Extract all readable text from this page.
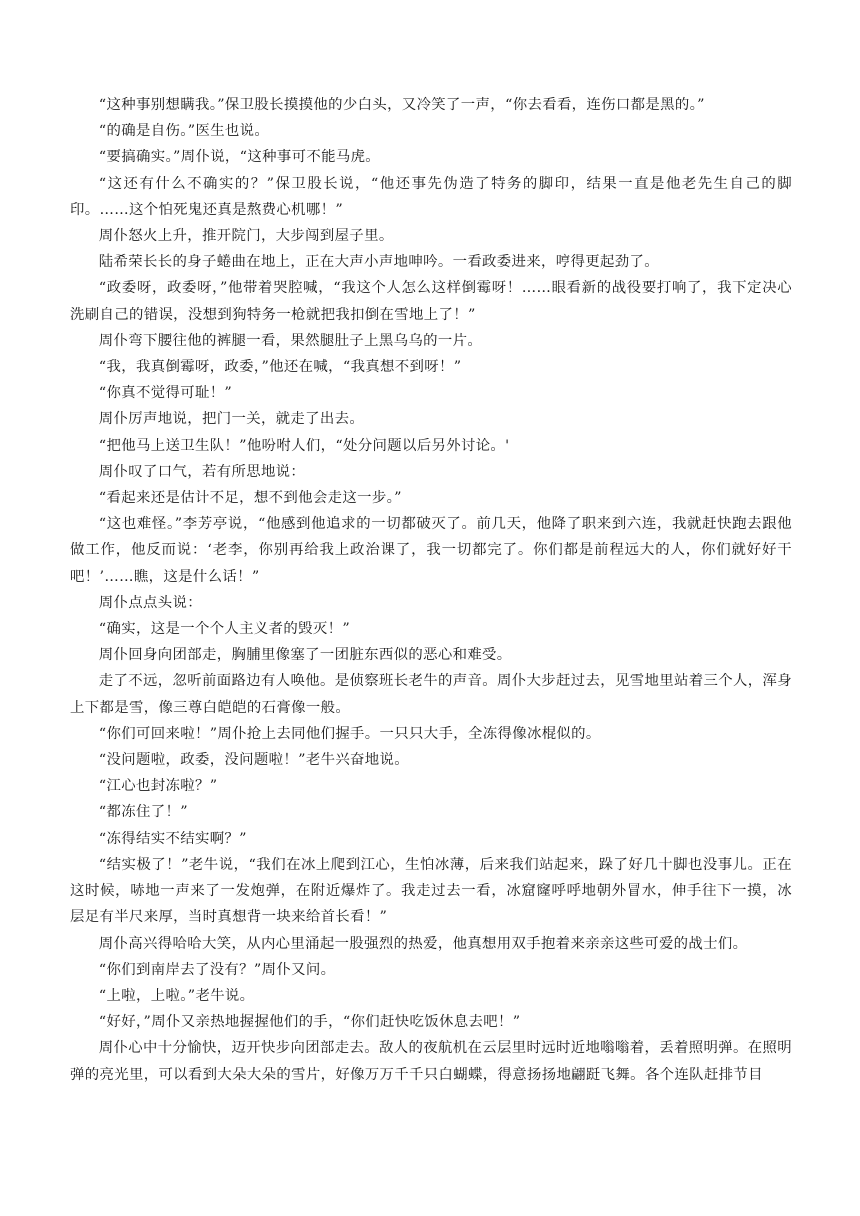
“这种事别想瞒我。”保卫股长摸摸他的少白头，又冷笑了一声，“你去看看，连伤口都是黑的。”

“的确是自伤。”医生也说。

“要搞确实。”周仆说，“这种事可不能马虎。

“这还有什么不确实的？”保卫股长说，“他还事先伪造了特务的脚印，结果一直是他老先生自己的脚印。……这个怕死鬼还真是熬费心机哪！”

周仆怒火上升，推开院门，大步闯到屋子里。

陆希荣长长的身子蜷曲在地上，正在大声小声地呻吟。一看政委进来，哼得更起劲了。

“政委呀，政委呀，”他带着哭腔喊，“我这个人怎么这样倒霉呀！……眼看新的战役要打响了，我下定决心洗刷自己的错误，没想到狗特务一枪就把我扣倒在雪地上了！”

周仆弯下腰往他的裤腿一看，果然腿肚子上黑乌乌的一片。

“我，我真倒霉呀，政委，”他还在喊，“我真想不到呀！”

“你真不觉得可耻！”

周仆厉声地说，把门一关，就走了出去。

“把他马上送卫生队！”他吩咐人们，“处分问题以后另外讨论。'

周仆叹了口气，若有所思地说：

“看起来还是估计不足，想不到他会走这一步。”

“这也难怪。”李芳亭说，“他感到他追求的一切都破灭了。前几天，他降了职来到六连，我就赶快跑去跟他做工作，他反而说：‘老李，你别再给我上政治课了，我一切都完了。你们都是前程远大的人，你们就好好干吧！’……瞧，这是什么话！”

周仆点点头说：

“确实，这是一个个人主义者的毁灭！”

周仆回身向团部走，胸脯里像塞了一团脏东西似的恶心和难受。

走了不远，忽听前面路边有人唤他。是侦察班长老牛的声音。周仆大步赶过去，见雪地里站着三个人，浑身上下都是雪，像三尊白皑皑的石膏像一般。

“你们可回来啦！”周仆抢上去同他们握手。一只只大手，全冻得像冰棍似的。

“没问题啦，政委，没问题啦！”老牛兴奋地说。

“江心也封冻啦？”

“都冻住了！”

“冻得结实不结实啊？”

“结实极了！”老牛说，“我们在冰上爬到江心，生怕冰薄，后来我们站起来，跺了好几十脚也没事儿。正在这时候，哧地一声来了一发炮弹，在附近爆炸了。我走过去一看，冰窟窿呼呼地朝外冒水，伸手往下一摸，冰层足有半尺来厚，当时真想背一块来给首长看！”

周仆高兴得哈哈大笑，从内心里涌起一股强烈的热爱，他真想用双手抱着来亲亲这些可爱的战士们。

“你们到南岸去了没有？”周仆又问。

“上啦，上啦。”老牛说。

“好好，”周仆又亲热地握握他们的手，“你们赶快吃饭休息去吧！”

周仆心中十分愉快，迈开快步向团部走去。敌人的夜航机在云层里时远时近地嗡嗡着，丢着照明弹。在照明弹的亮光里，可以看到大朵大朵的雪片，好像万万千千只白蝴蝶，得意扬扬地翩跹飞舞。各个连队赶排节目
